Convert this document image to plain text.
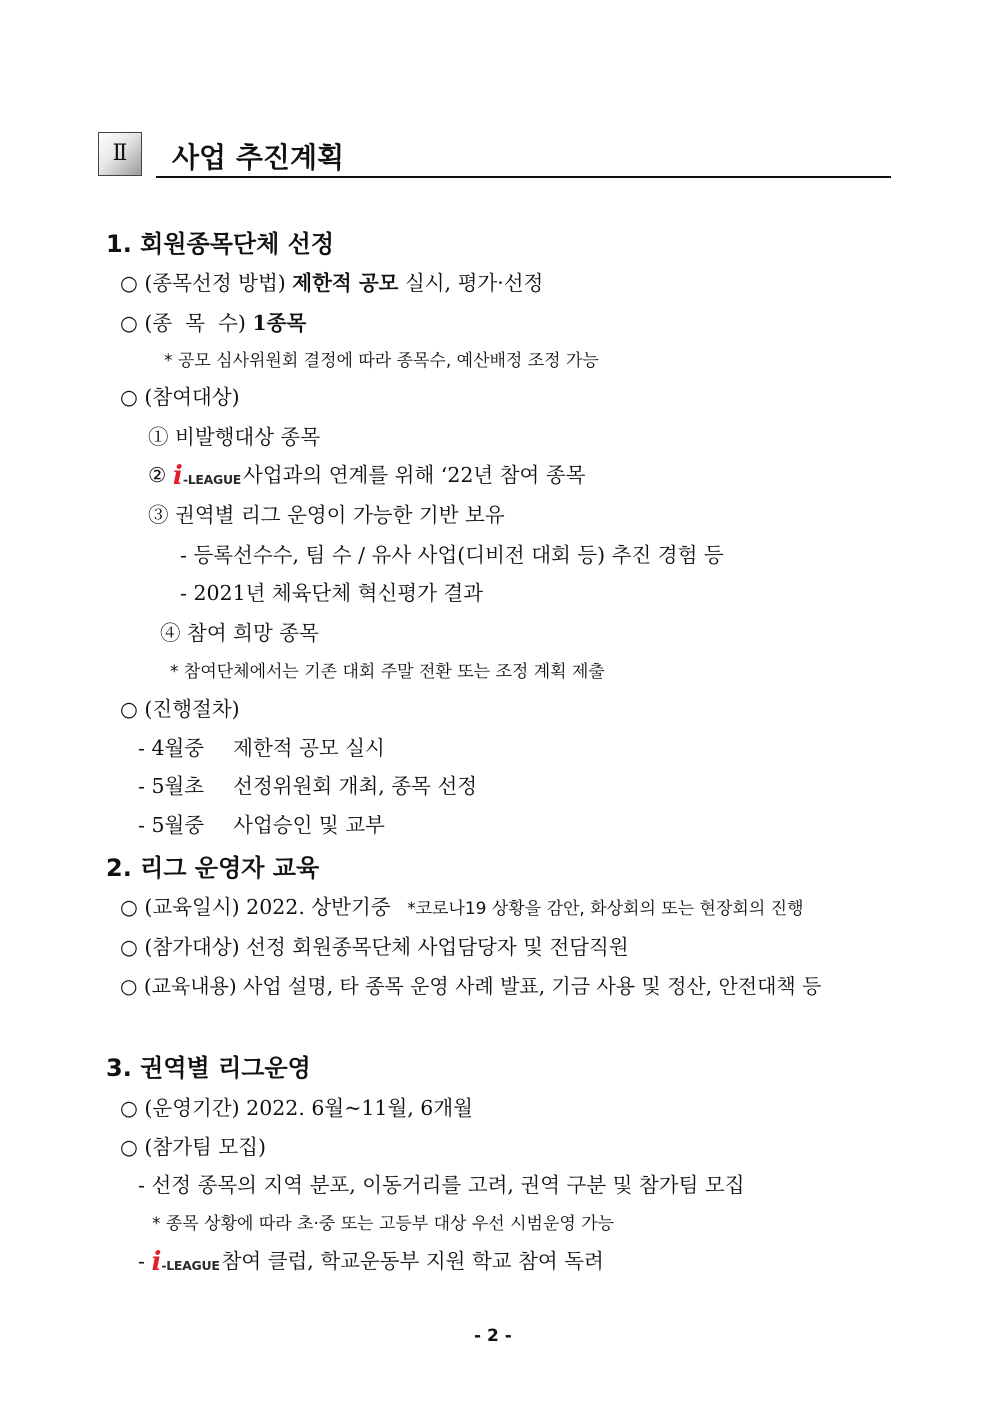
Ⅱ	사업 추진계획
1. 회원종목단체 선정
○ (종목선정 방법) 제한적 공모 실시, 평가·선정
○ (종  목  수) 1종목
* 공모 심사위원회 결정에 따라 종목수, 예산배정 조정 가능
○ (참여대상)
① 비발행대상 종목
② i-LEAGUE사업과의 연계를 위해 ‘22년 참여 종목
③ 권역별 리그 운영이 가능한 기반 보유
- 등록선수수, 팀 수 / 유사 사업(디비전 대회 등) 추진 경험 등
- 2021년 체육단체 혁신평가 결과
④ 참여 희망 종목
* 참여단체에서는 기존 대회 주말 전환 또는 조정 계획 제출
○ (진행절차)
- 4월중 제한적 공모 실시
- 5월초 선정위원회 개최, 종목 선정
- 5월중 사업승인 및 교부
2. 리그 운영자 교육
○ (교육일시) 2022. 상반기중 *코로나19 상황을 감안, 화상회의 또는 현장회의 진행
○ (참가대상) 선정 회원종목단체 사업담당자 및 전담직원
○ (교육내용) 사업 설명, 타 종목 운영 사례 발표, 기금 사용 및 정산, 안전대책 등
3. 권역별 리그운영
○ (운영기간) 2022. 6월~11월, 6개월
○ (참가팀 모집)
- 선정 종목의 지역 분포, 이동거리를 고려, 권역 구분 및 참가팀 모집
* 종목 상황에 따라 초·중 또는 고등부 대상 우선 시범운영 가능
- i-LEAGUE참여 클럽, 학교운동부 지원 학교 참여 독려
- 2 -
